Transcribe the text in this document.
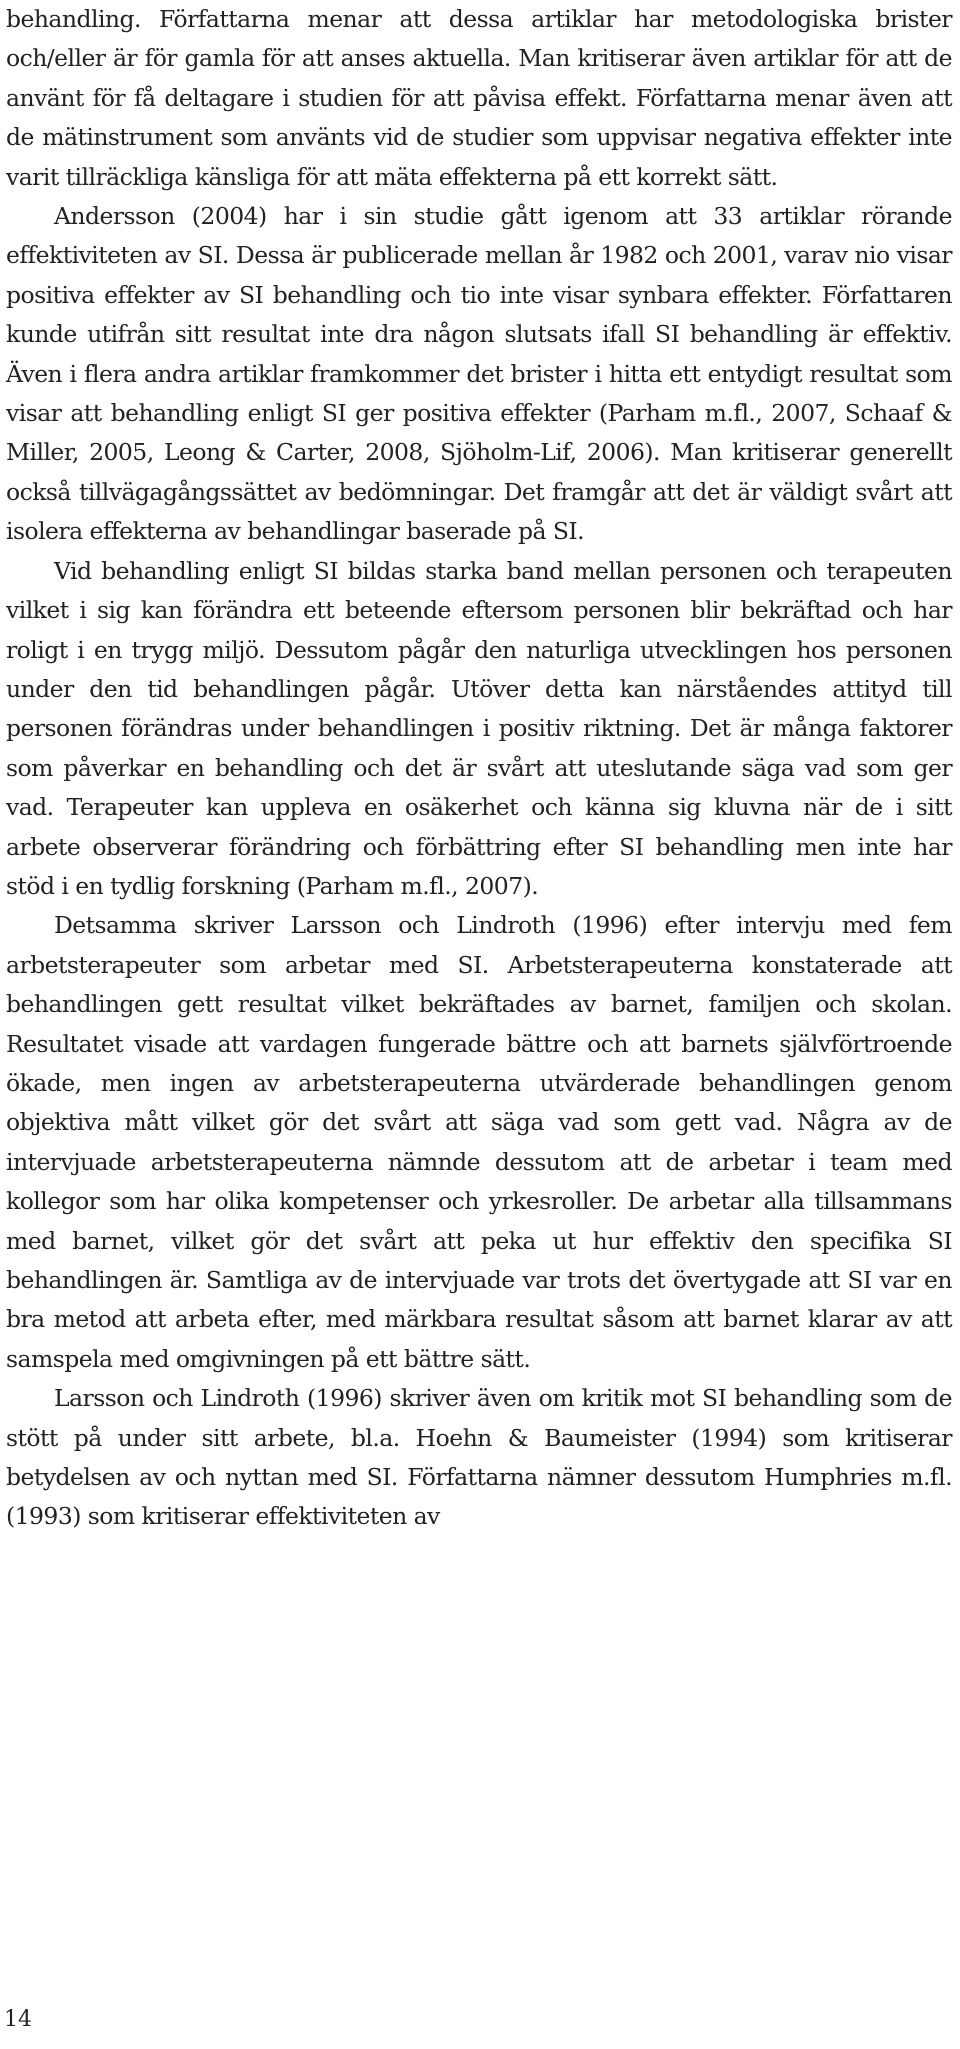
behandling. Författarna menar att dessa artiklar har metodologiska brister och/eller är för gamla för att anses aktuella. Man kritiserar även artiklar för att de använt för få deltagare i studien för att påvisa effekt. Författarna menar även att de mätinstrument som använts vid de studier som uppvisar negativa effekter inte varit tillräckliga känsliga för att mäta effekterna på ett korrekt sätt.

Andersson (2004) har i sin studie gått igenom att 33 artiklar rörande effektiviteten av SI. Dessa är publicerade mellan år 1982 och 2001, varav nio visar positiva effekter av SI behandling och tio inte visar synbara effekter. Författaren kunde utifrån sitt resultat inte dra någon slutsats ifall SI behandling är effektiv. Även i flera andra artiklar framkommer det brister i hitta ett entydigt resultat som visar att behandling enligt SI ger positiva effekter (Parham m.fl., 2007, Schaaf & Miller, 2005, Leong & Carter, 2008, Sjöholm-Lif, 2006). Man kritiserar generellt också tillvägagångssättet av bedömningar. Det framgår att det är väldigt svårt att isolera effekterna av behandlingar baserade på SI.

Vid behandling enligt SI bildas starka band mellan personen och terapeuten vilket i sig kan förändra ett beteende eftersom personen blir bekräftad och har roligt i en trygg miljö. Dessutom pågår den naturliga utvecklingen hos personen under den tid behandlingen pågår. Utöver detta kan närståendes attityd till personen förändras under behandlingen i positiv riktning. Det är många faktorer som påverkar en behandling och det är svårt att uteslutande säga vad som ger vad. Terapeuter kan uppleva en osäkerhet och känna sig kluvna när de i sitt arbete observerar förändring och förbättring efter SI behandling men inte har stöd i en tydlig forskning (Parham m.fl., 2007).

Detsamma skriver Larsson och Lindroth (1996) efter intervju med fem arbetsterapeuter som arbetar med SI. Arbetsterapeuterna konstaterade att behandlingen gett resultat vilket bekräftades av barnet, familjen och skolan. Resultatet visade att vardagen fungerade bättre och att barnets självförtroende ökade, men ingen av arbetsterapeuterna utvärderade behandlingen genom objektiva mått vilket gör det svårt att säga vad som gett vad. Några av de intervjuade arbetsterapeuterna nämnde dessutom att de arbetar i team med kollegor som har olika kompetenser och yrkesroller. De arbetar alla tillsammans med barnet, vilket gör det svårt att peka ut hur effektiv den specifika SI behandlingen är. Samtliga av de intervjuade var trots det övertygade att SI var en bra metod att arbeta efter, med märkbara resultat såsom att barnet klarar av att samspela med omgivningen på ett bättre sätt.

Larsson och Lindroth (1996) skriver även om kritik mot SI behandling som de stött på under sitt arbete, bl.a. Hoehn & Baumeister (1994) som kritiserar betydelsen av och nyttan med SI. Författarna nämner dessutom Humphries m.fl. (1993) som kritiserar effektiviteten av

14
